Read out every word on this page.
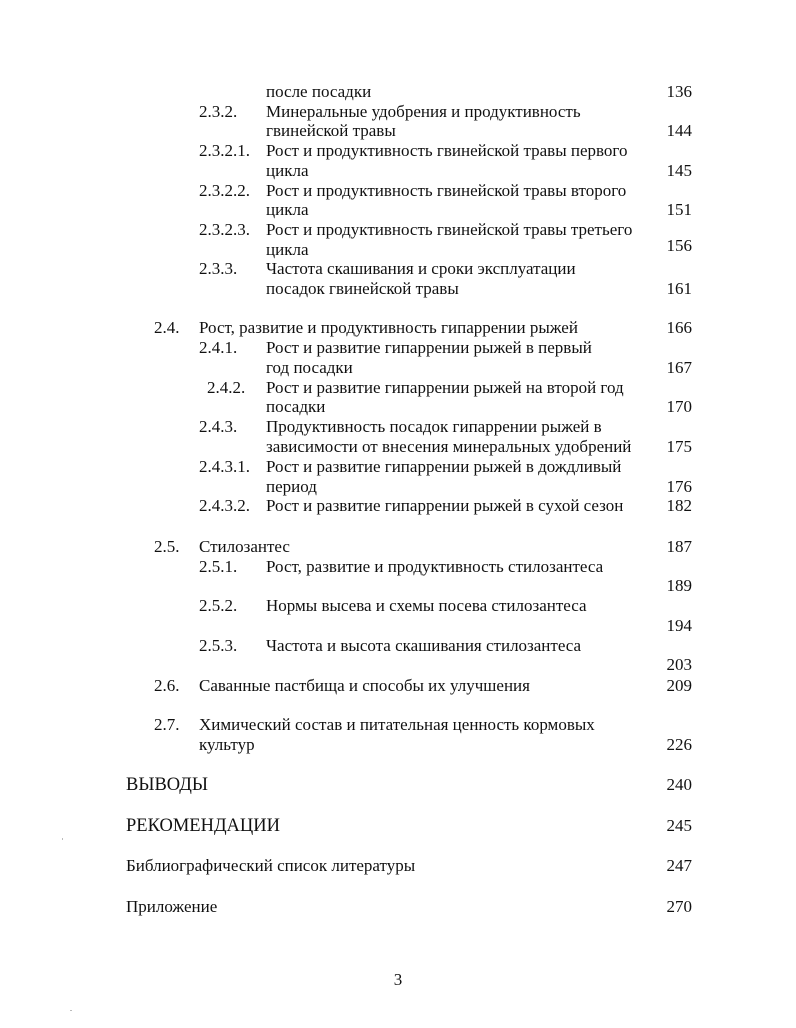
после посадки	136
2.3.2. Минеральные удобрения и продуктивность
гвинейской травы	144
2.3.2.1. Рост и продуктивность гвинейской травы первого
цикла	145
2.3.2.2. Рост и продуктивность гвинейской травы второго
цикла	151
2.3.2.3. Рост и продуктивность гвинейской травы третьего
цикла	156
2.3.3. Частота скашивания и сроки эксплуатации
посадок гвинейской травы	161
2.4. Рост, развитие и продуктивность гипаррении рыжей	166
2.4.1. Рост и развитие гипаррении рыжей в первый
год посадки	167
2.4.2. Рост и развитие гипаррении рыжей на второй год
посадки	170
2.4.3. Продуктивность посадок гипаррении рыжей в
зависимости от внесения минеральных удобрений 175
2.4.3.1. Рост и развитие гипаррении рыжей в дождливый
период	176
2.4.3.2. Рост и развитие гипаррении рыжей в сухой сезон	182
2.5. Стилозантес	187
2.5.1. Рост, развитие и продуктивность стилозантеса
189
2.5.2. Нормы высева и схемы посева стилозантеса
194
2.5.3. Частота и высота скашивания стилозантеса
203
2.6. Саванные пастбища и способы их улучшения	209
2.7. Химический состав и питательная ценность кормовых
культур	226
ВЫВОДЫ	240
РЕКОМЕНДАЦИИ	245
Библиографический список литературы	247
Приложение	270
3
